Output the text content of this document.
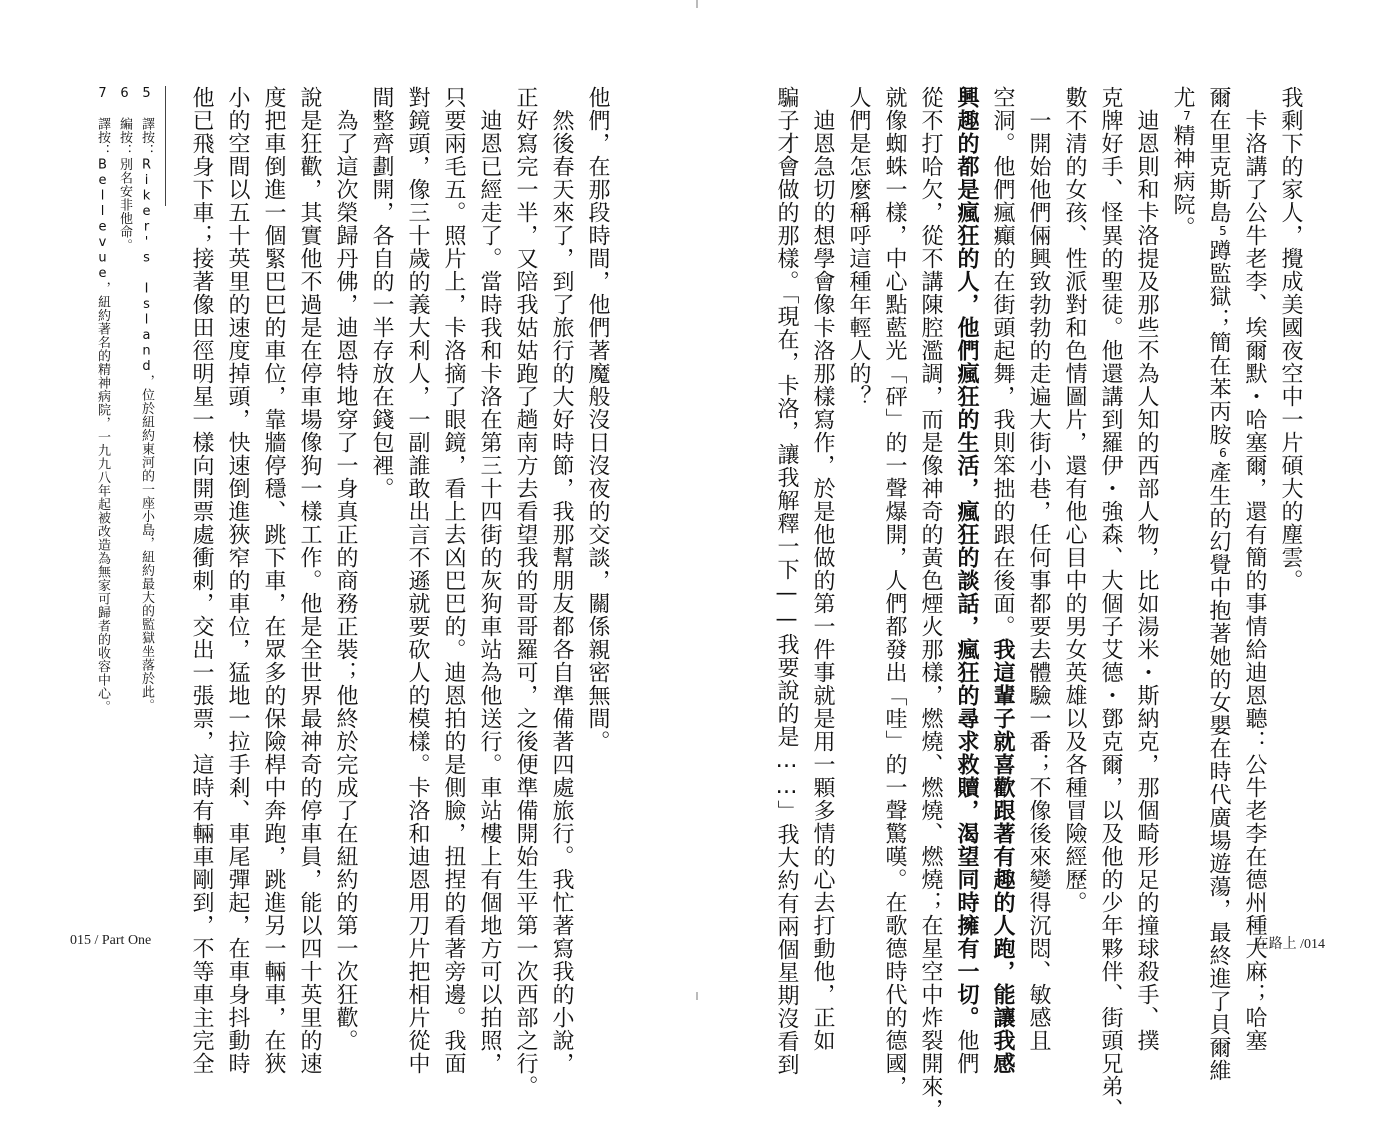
5 譯按：Riker's Island，位於紐約東河的一座小島，紐約最大的監獄坐落於此。
6 編按：別名安非他命。
7 譯按：Bellevue，紐約著名的精神病院，一九九八年起被改造為無家可歸者的收容中心。	他們，在那段時間，他們著魔般沒日沒夜的交談，關係親密無間。
　然後春天來了，到了旅行的大好時節，我那幫朋友都各自準備著四處旅行。我忙著寫我的小說，
正好寫完一半，又陪我姑姑跑了趟南方去看望我的哥哥羅可，之後便準備開始生平第一次西部之行。
　迪恩已經走了。當時我和卡洛在第三十四街的灰狗車站為他送行。車站樓上有個地方可以拍照，
只要兩毛五。照片上，卡洛摘了眼鏡，看上去凶巴巴的。迪恩拍的是側臉，扭捏的看著旁邊。我面
對鏡頭，像三十歲的義大利人，一副誰敢出言不遜就要砍人的模樣。卡洛和迪恩用刀片把相片從中
間整齊劃開，各自的一半存放在錢包裡。
　為了這次榮歸丹佛，迪恩特地穿了一身真正的商務正裝；他終於完成了在紐約的第一次狂歡。
說是狂歡，其實他不過是在停車場像狗一樣工作。他是全世界最神奇的停車員，能以四十英里的速
度把車倒進一個緊巴巴的車位，靠牆停穩、跳下車，在眾多的保險桿中奔跑，跳進另一輛車，在狹
小的空間以五十英里的速度掉頭，快速倒進狹窄的車位，猛地一拉手剎、車尾彈起，在車身抖動時
他已飛身下車；接著像田徑明星一樣向開票處衝刺，交出一張票，這時有輛車剛到，不等車主完全
015 / Part One
我剩下的家人，攪成美國夜空中一片碩大的塵雲。
　卡洛講了公牛老李、埃爾默・哈塞爾，還有簡的事情給迪恩聽：公牛老李在德州種大麻；哈塞
爾在里克斯島$^5$蹲監獄；簡在苯丙胺$^6$產生的幻覺中抱著她的女嬰在時代廣場遊蕩，最終進了貝爾維
尤$^7$精神病院。
　迪恩則和卡洛提及那些不為人知的西部人物，比如湯米・斯納克，那個畸形足的撞球殺手、撲
克牌好手、怪異的聖徒。他還講到羅伊・強森、大個子艾德・鄧克爾，以及他的少年夥伴、街頭兄弟、
數不清的女孩、性派對和色情圖片，還有他心目中的男女英雄以及各種冒險經歷。
　一開始他們倆興致勃勃的走遍大街小巷，任何事都要去體驗一番；不像後來變得沉悶、敏感且
空洞。他們瘋癲的在街頭起舞，我則笨拙的跟在後面。我這輩子就喜歡跟著有趣的人跑，能讓我感
興趣的都是瘋狂的人，他們瘋狂的生活，瘋狂的談話，瘋狂的尋求救贖，渴望同時擁有一切。他們
從不打哈欠，從不講陳腔濫調，而是像神奇的黃色煙火那樣，燃燒、燃燒、燃燒；在星空中炸裂開來，
就像蜘蛛一樣，中心點藍光「砰」的一聲爆開，人們都發出「哇」的一聲驚嘆。在歌德時代的德國，
人們是怎麼稱呼這種年輕人的？
　迪恩急切的想學會像卡洛那樣寫作，於是他做的第一件事就是用一顆多情的心去打動他，正如
騙子才會做的那樣。「現在，卡洛，讓我解釋一下——我要說的是……」我大約有兩個星期沒看到	在路上 /014
